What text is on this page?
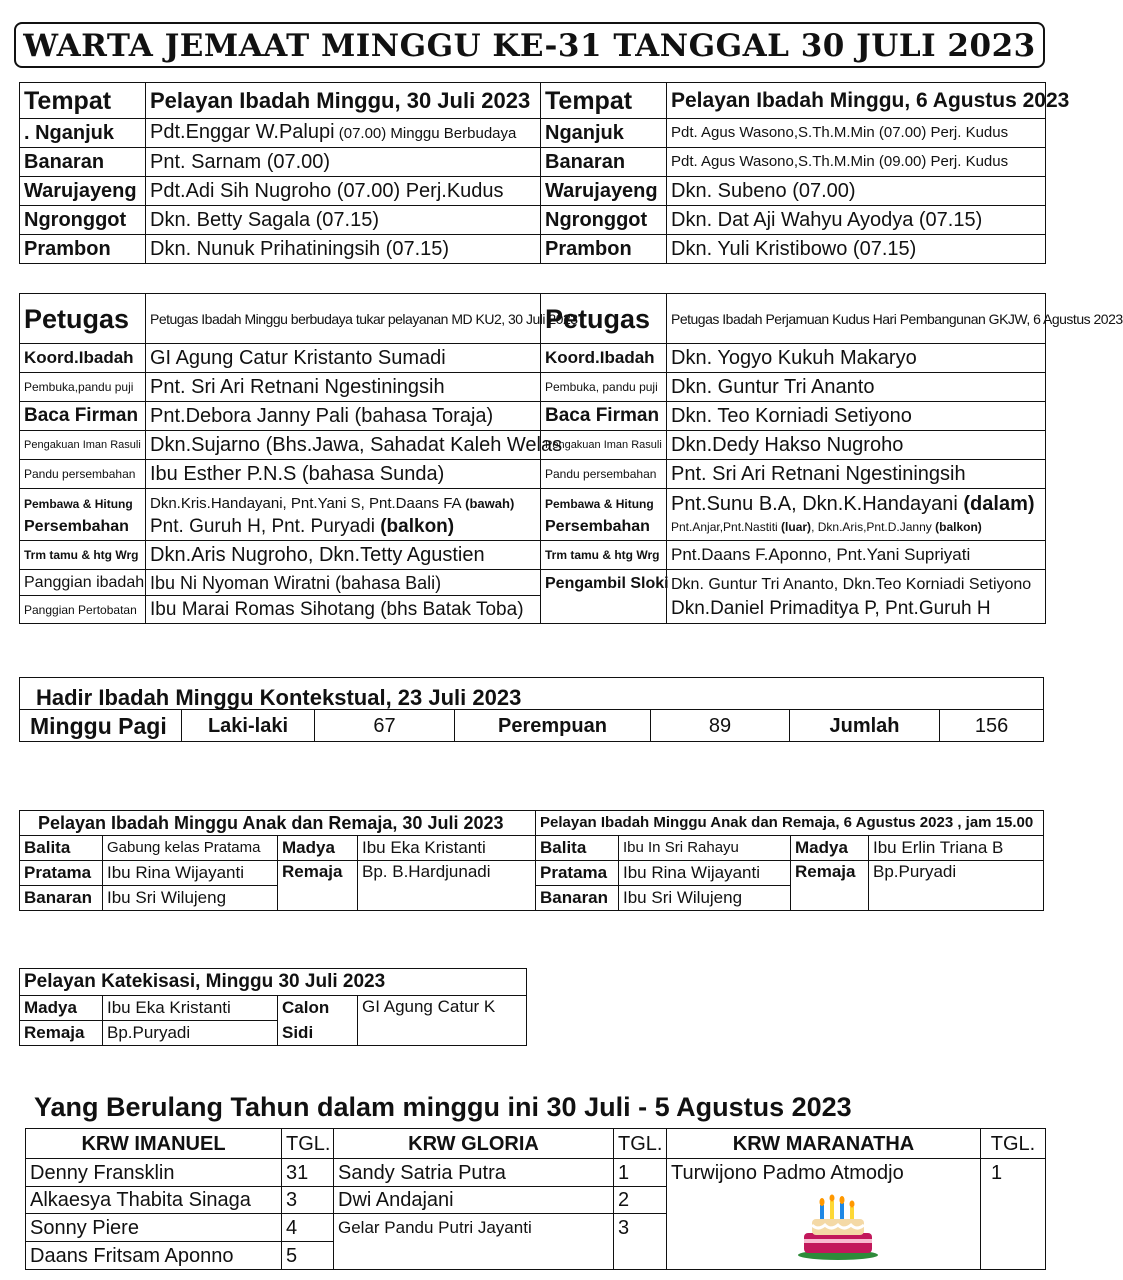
WARTA JEMAAT MINGGU KE-31 TANGGAL 30 JULI 2023
Tempat	Pelayan Ibadah Minggu, 30 Juli 2023	Tempat	Pelayan Ibadah Minggu, 6 Agustus 2023
. Nganjuk	Pdt.Enggar W.Palupi (07.00) Minggu Berbudaya	Nganjuk	Pdt. Agus Wasono,S.Th.M.Min (07.00) Perj. Kudus
Banaran	Pnt. Sarnam (07.00)	Banaran	Pdt. Agus Wasono,S.Th.M.Min (09.00) Perj. Kudus
Warujayeng	Pdt.Adi Sih Nugroho (07.00) Perj.Kudus	Warujayeng	Dkn. Subeno (07.00)
Ngronggot	Dkn. Betty Sagala (07.15)	Ngronggot	Dkn. Dat Aji Wahyu Ayodya (07.15)
Prambon	Dkn. Nunuk Prihatiningsih (07.15)	Prambon	Dkn. Yuli Kristibowo (07.15)
Petugas	Petugas Ibadah Minggu berbudaya tukar pelayanan MD KU2, 30 Juli 2023	Petugas	Petugas Ibadah Perjamuan Kudus Hari Pembangunan GKJW, 6 Agustus 2023
Koord.Ibadah	GI Agung Catur Kristanto Sumadi	Koord.Ibadah	Dkn. Yogyo Kukuh Makaryo
Pembuka,pandu puji	Pnt. Sri Ari Retnani Ngestiningsih	Pembuka, pandu puji	Dkn. Guntur Tri Ananto
Baca Firman	Pnt.Debora Janny Pali (bahasa Toraja)	Baca Firman	Dkn. Teo Korniadi Setiyono
Pengakuan Iman Rasuli	Dkn.Sujarno (Bhs.Jawa, Sahadat Kaleh Welas	Pengakuan Iman Rasuli	Dkn.Dedy Hakso Nugroho
Pandu persembahan	Ibu Esther P.N.S (bahasa Sunda)	Pandu persembahan	Pnt. Sri Ari Retnani Ngestiningsih
Pembawa & Hitung	Dkn.Kris.Handayani, Pnt.Yani S, Pnt.Daans FA (bawah)	Pembawa & Hitung	Pnt.Sunu B.A, Dkn.K.Handayani (dalam)
Persembahan	Pnt. Guruh H, Pnt. Puryadi (balkon)	Persembahan	Pnt.Anjar,Pnt.Nastiti (luar), Dkn.Aris,Pnt.D.Janny (balkon)
Trm tamu & htg Wrg	Dkn.Aris Nugroho, Dkn.Tetty Agustien	Trm tamu & htg Wrg	Pnt.Daans F.Aponno, Pnt.Yani Supriyati
Panggian ibadah	Ibu Ni Nyoman Wiratni (bahasa Bali)	Pengambil Sloki	Dkn. Guntur Tri Ananto, Dkn.Teo Korniadi Setiyono
Panggian Pertobatan	Ibu Marai Romas Sihotang (bhs Batak Toba)		Dkn.Daniel Primaditya P, Pnt.Guruh H
Hadir Ibadah Minggu Kontekstual, 23 Juli 2023
Minggu Pagi	Laki-laki	67	Perempuan	89	Jumlah	156
Pelayan Ibadah Minggu Anak dan Remaja, 30 Juli 2023				Pelayan Ibadah Minggu Anak dan Remaja, 6 Agustus 2023 , jam 15.00			
Balita	Gabung kelas Pratama	Madya	Ibu Eka Kristanti	Balita	Ibu In Sri Rahayu	Madya	Ibu Erlin Triana B
Pratama	Ibu Rina Wijayanti	Remaja	Bp. B.Hardjunadi	Pratama	Ibu Rina Wijayanti	Remaja	Bp.Puryadi
Banaran	Ibu Sri Wilujeng			Banaran	Ibu Sri Wilujeng		
Pelayan Katekisasi, Minggu 30 Juli 2023			
Madya	Ibu Eka Kristanti	Calon	GI Agung Catur K
Remaja	Bp.Puryadi	Sidi	
Yang Berulang Tahun dalam minggu ini 30 Juli - 5 Agustus 2023
KRW IMANUEL	TGL.	KRW GLORIA	TGL.	KRW MARANATHA	TGL.
Denny Fransklin	31	Sandy Satria Putra	1	Turwijono Padmo Atmodjo	1
Alkaesya Thabita Sinaga	3	Dwi Andajani	2		
Sonny Piere	4	Gelar Pandu Putri Jayanti	3		
Daans Fritsam Aponno	5				
